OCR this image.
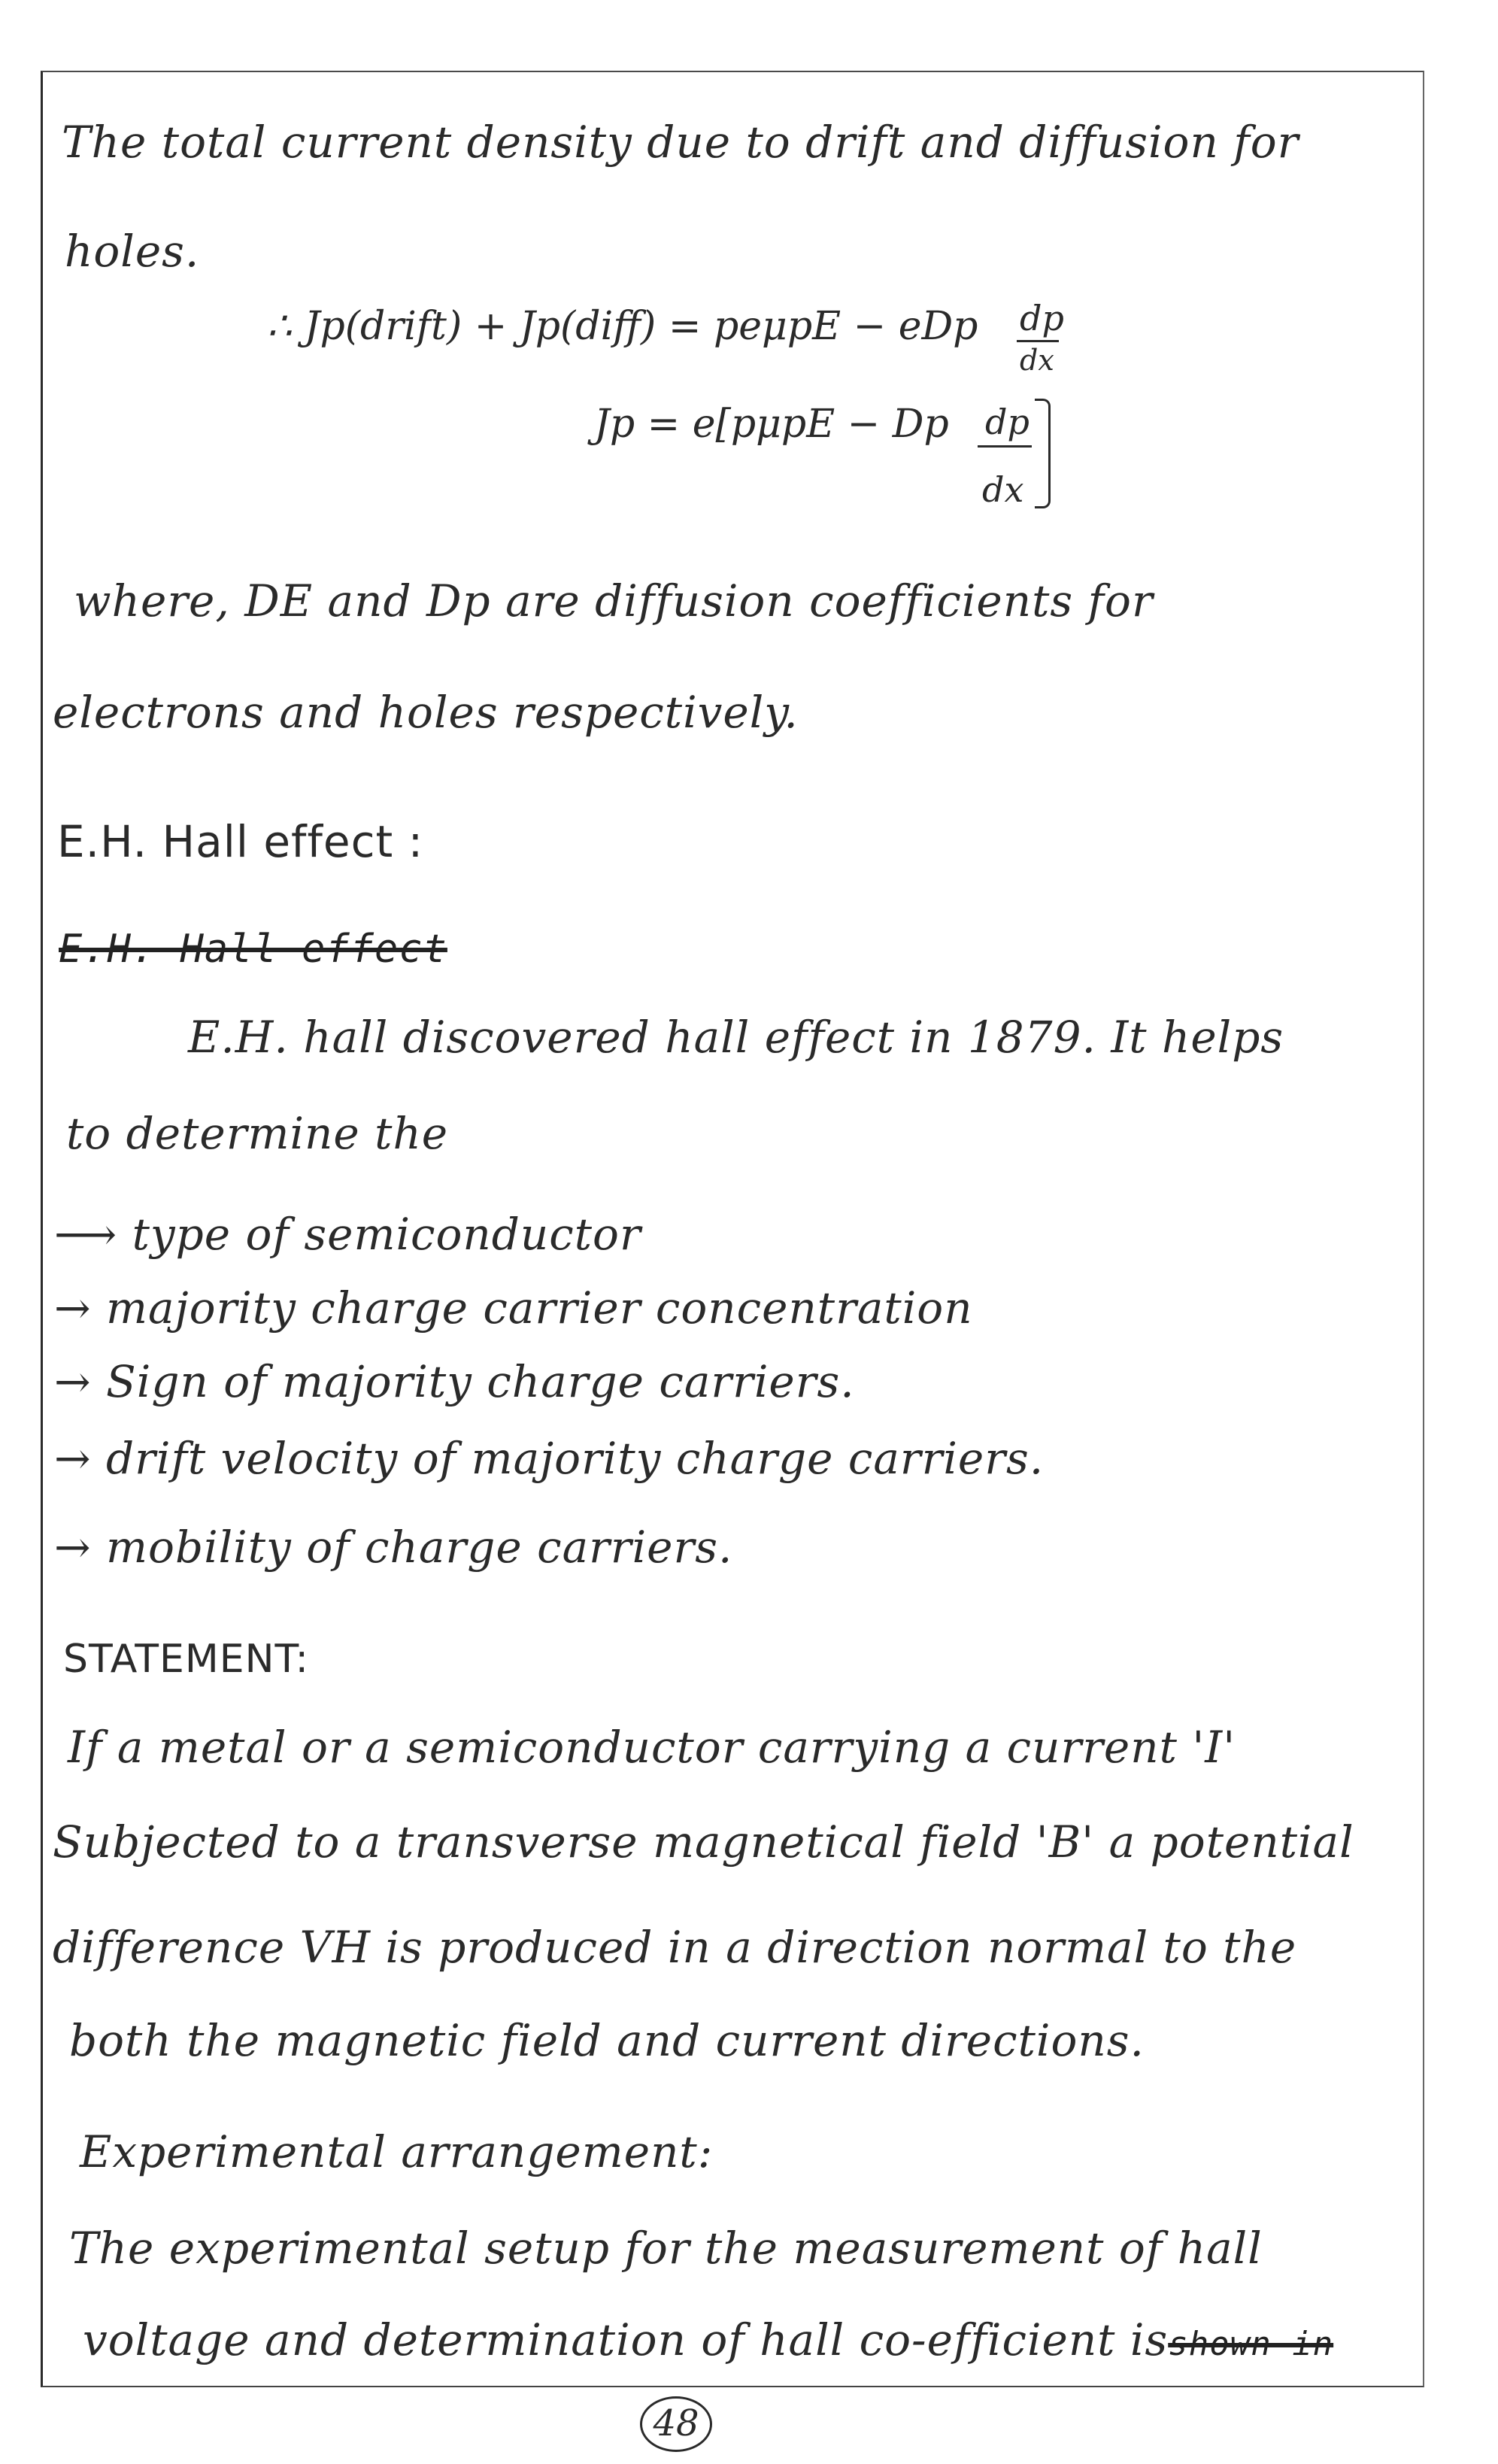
The total current density due to drift and diffusion for
holes.
∴ Jp(drift) + Jp(diff) = peμpE − eDp dp
dx
Jp = e[pμpE − Dp dp
dx
where, DE and Dp are diffusion coefficients for
electrons and holes respectively.
E.H. Hall effect :
E.H. Hall effect
E.H. hall discovered hall effect in 1879. It helps
to determine the
⟶ type of semiconductor
→ majority charge carrier concentration
→ Sign of majority charge carriers.
→ drift velocity of majority charge carriers.
→ mobility of charge carriers.
STATEMENT:
If a metal or a semiconductor carrying a current 'I'
Subjected to a transverse magnetical field 'B' a potential
difference VH is produced in a direction normal to the
both the magnetic field and current directions.
Experimental arrangement:
The experimental setup for the measurement of hall
voltage and determination of hall co-efficient isshown in
48
